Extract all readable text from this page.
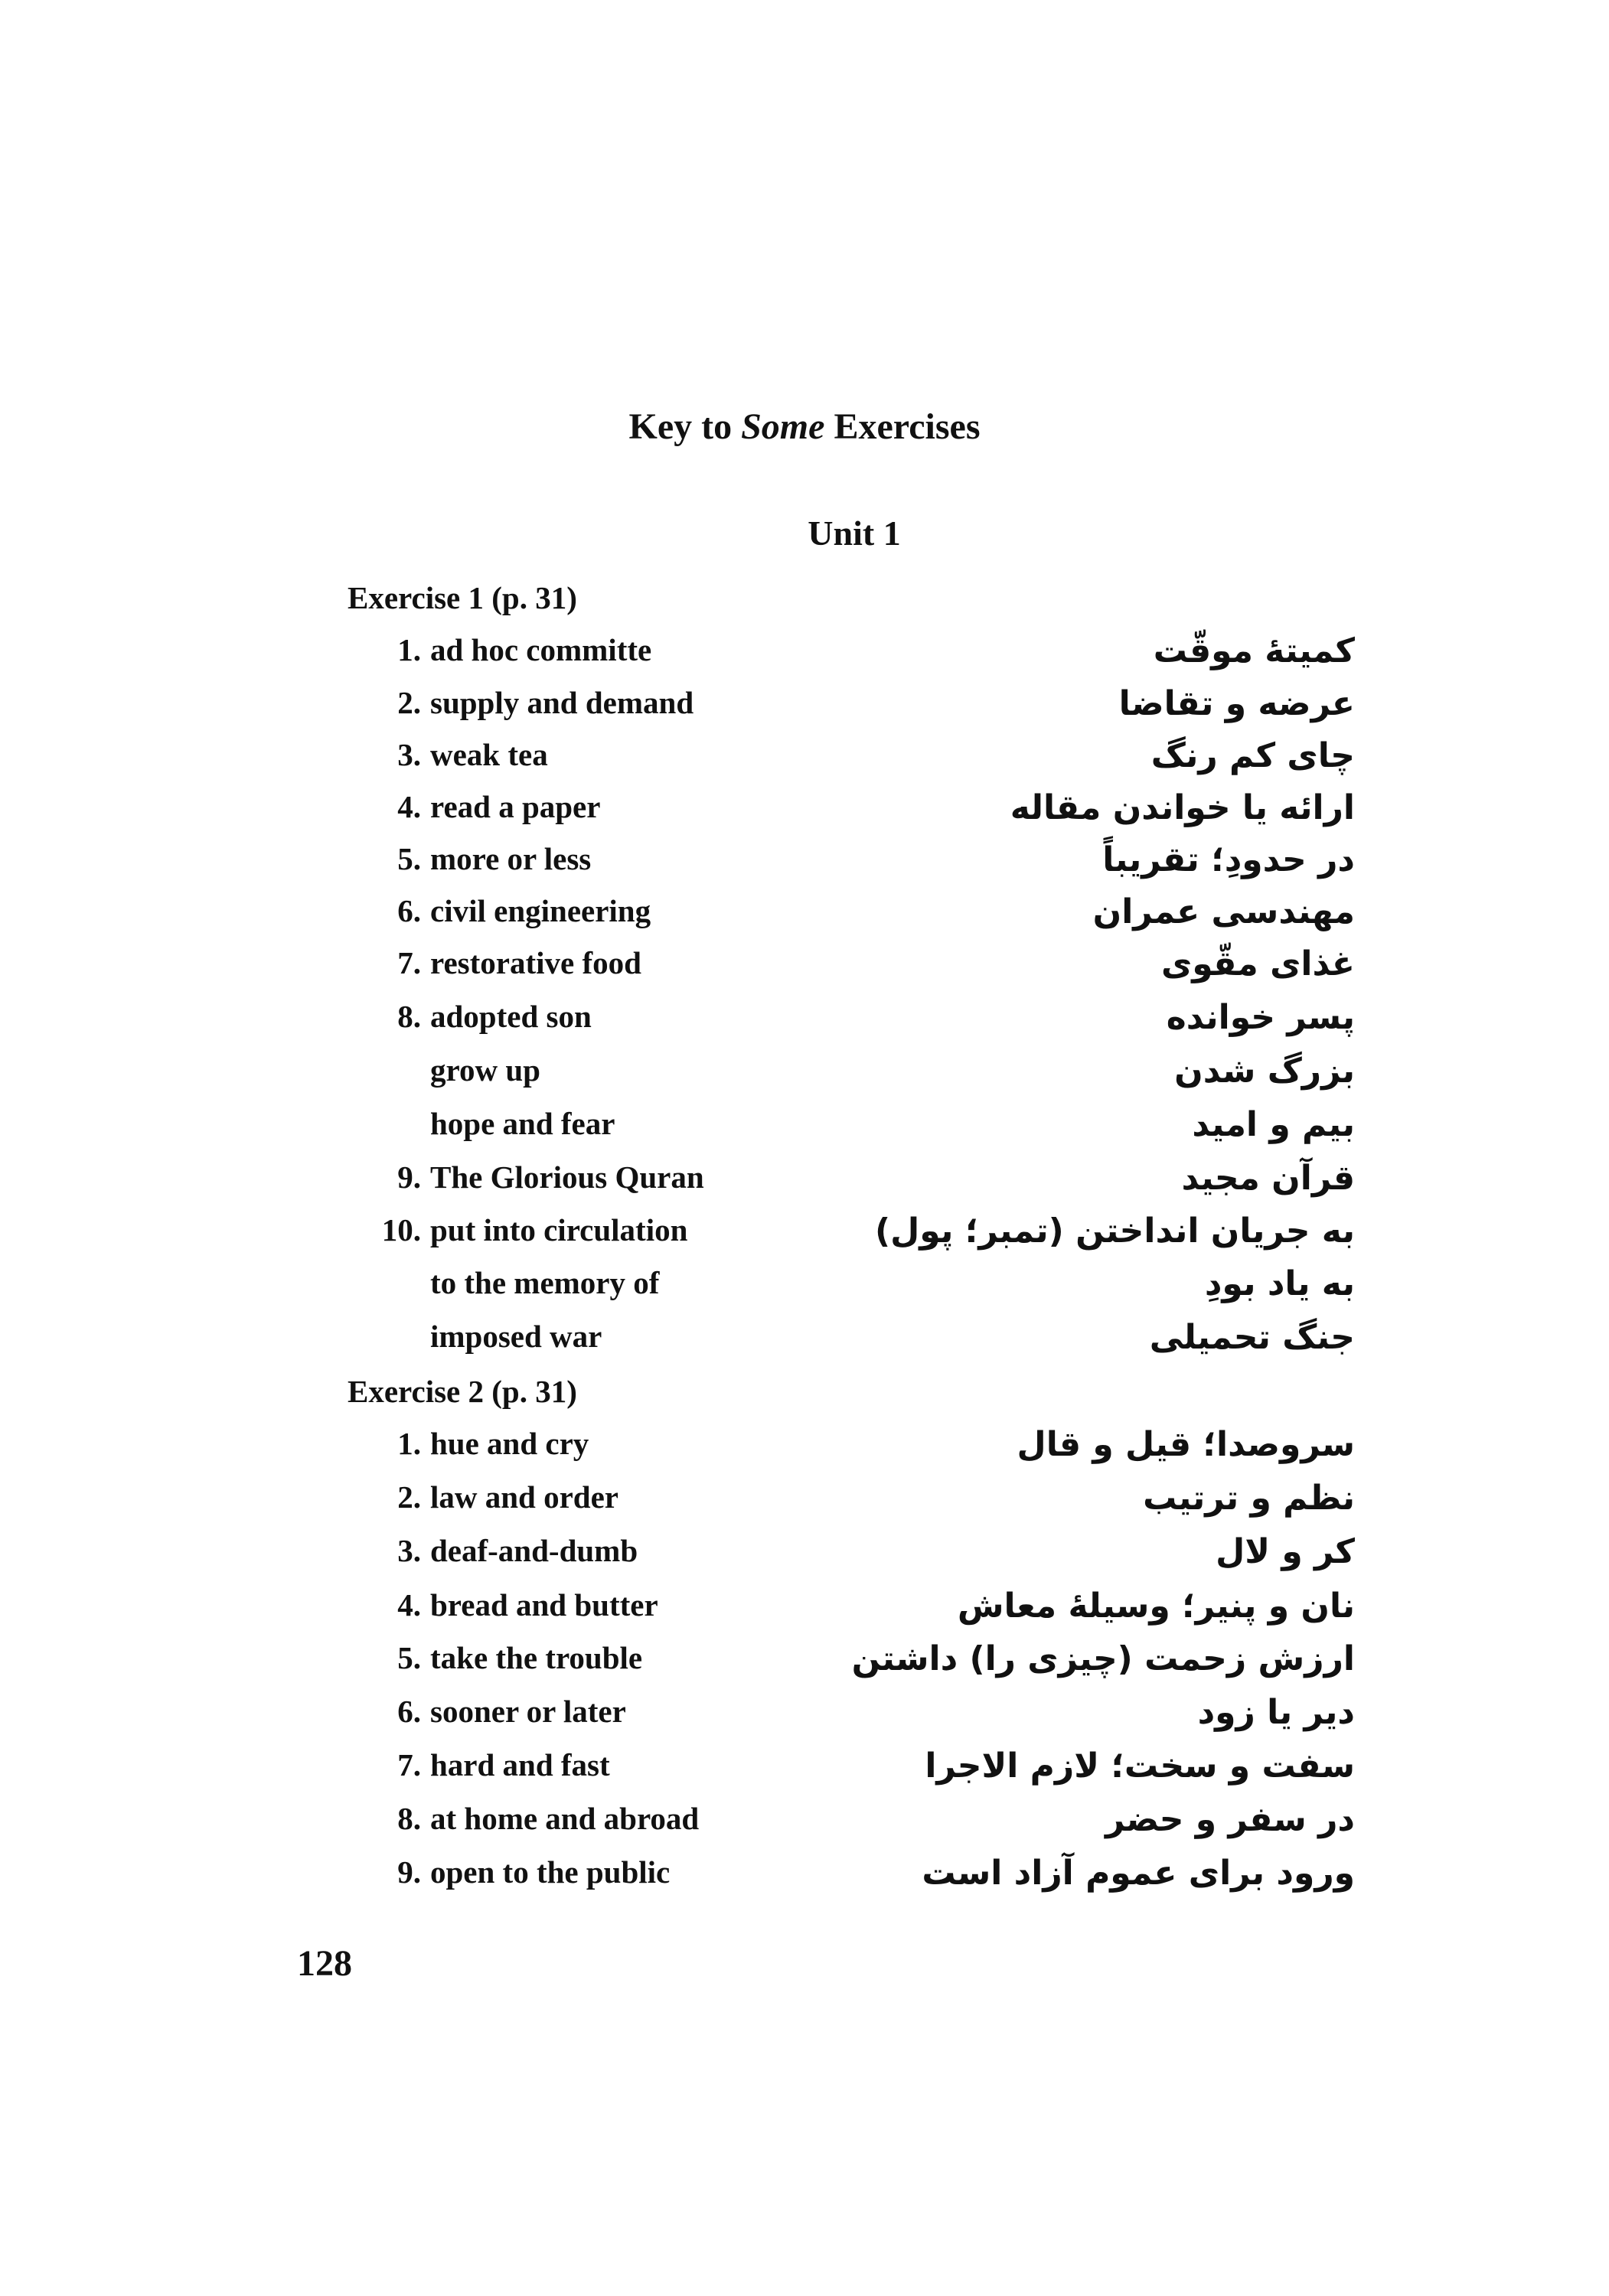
Key to Some Exercises
Unit 1
Exercise 1 (p. 31)
1. ad hoc committe	کمیتهٔ موقّت
2. supply and demand	عرضه و تقاضا
3. weak tea	چای کم رنگ
4. read a paper	ارائه یا خواندن مقاله
5. more or less	در حدودِ؛ تقریباً
6. civil engineering	مهندسی عمران
7. restorative food	غذای مقّوی
8. adopted son	پسر خوانده
grow up	بزرگ شدن
hope and fear	بیم و امید
9. The Glorious Quran	قرآن مجید
10. put into circulation	به جریان انداختن (تمبر؛ پول)
to the memory of	به یاد بودِ
imposed war	جنگ تحمیلی
Exercise 2 (p. 31)
1. hue and cry	سروصدا؛ قیل و قال
2. law and order	نظم و ترتیب
3. deaf-and-dumb	کر و لال
4. bread and butter	نان و پنیر؛ وسیلهٔ معاش
5. take the trouble	ارزش زحمت (چیزی را) داشتن
6. sooner or later	دیر یا زود
7. hard and fast	سفت و سخت؛ لازم الاجرا
8. at home and abroad	در سفر و حضر
9. open to the public	ورود برای عموم آزاد است
128
